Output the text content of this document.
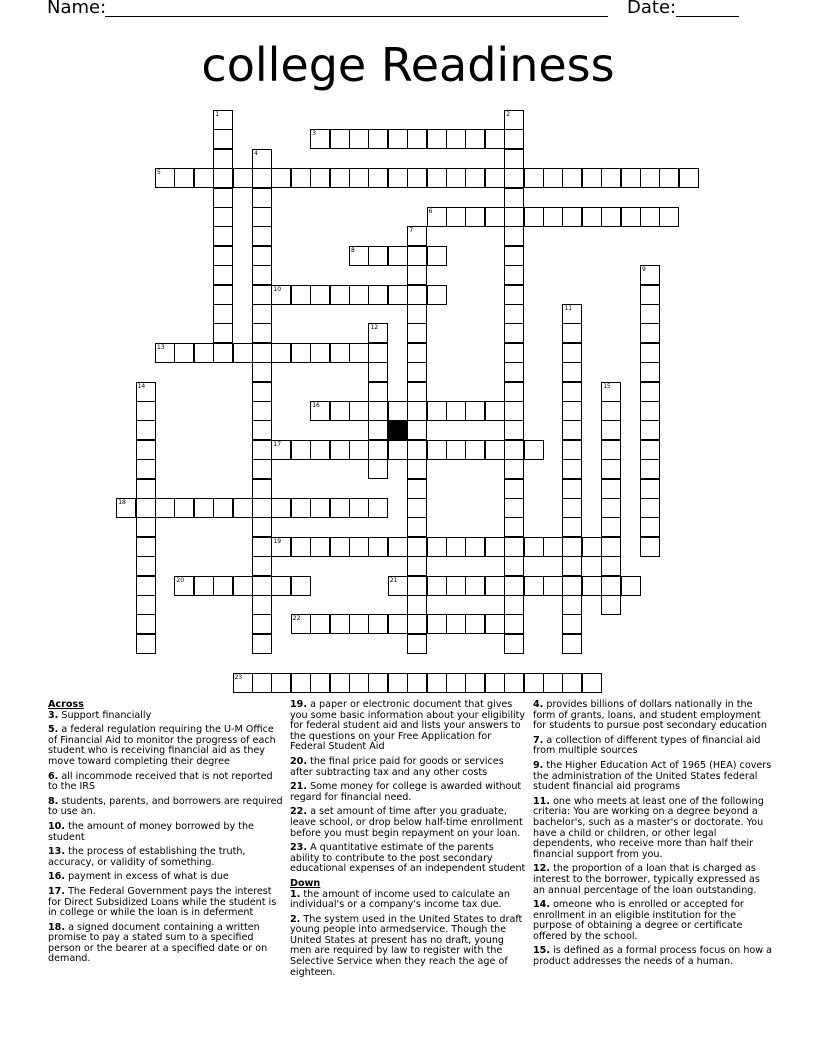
Name:	Date:
college Readiness
1	2
3
4
5
6
7
8
9
10
11
12
13
14	15
16
17
18
19
20	21
22
23
Across
3. Support financially
5. a federal regulation requiring the U-M Office of Financial Aid to monitor the progress of each student who is receiving financial aid as they move toward completing their degree
6. all incommode received that is not reported to the IRS
8. students, parents, and borrowers are required to use an.
10. the amount of money borrowed by the student
13. the process of establishing the truth, accuracy, or validity of something.
16. payment in excess of what is due
17. The Federal Government pays the interest for Direct Subsidized Loans while the student is in college or while the loan is in deferment
18. a signed document containing a written promise to pay a stated sum to a specified person or the bearer at a specified date or on demand.
19. a paper or electronic document that gives you some basic information about your eligibility for federal student aid and lists your answers to the questions on your Free Application for Federal Student Aid
20. the final price paid for goods or services after subtracting tax and any other costs
21. Some money for college is awarded without regard for financial need.
22. a set amount of time after you graduate, leave school, or drop below half-time enrollment before you must begin repayment on your loan.
23. A quantitative estimate of the parents ability to contribute to the post secondary educational expenses of an independent student
Down
1. the amount of income used to calculate an individual's or a company's income tax due.
2. The system used in the United States to draft young people into armedservice. Though the United States at present has no draft, young men are required by law to register with the Selective Service when they reach the age of eighteen.
4. provides billions of dollars nationally in the form of grants, loans, and student employment for students to pursue post secondary education
7. a collection of different types of financial aid from multiple sources
9. the Higher Education Act of 1965 (HEA) covers the administration of the United States federal student financial aid programs
11. one who meets at least one of the following criteria: You are working on a degree beyond a bachelor's, such as a master's or doctorate. You have a child or children, or other legal dependents, who receive more than half their financial support from you.
12. the proportion of a loan that is charged as interest to the borrower, typically expressed as an annual percentage of the loan outstanding.
14. omeone who is enrolled or accepted for enrollment in an eligible institution for the purpose of obtaining a degree or certificate offered by the school.
15. is defined as a formal process focus on how a product addresses the needs of a human.
